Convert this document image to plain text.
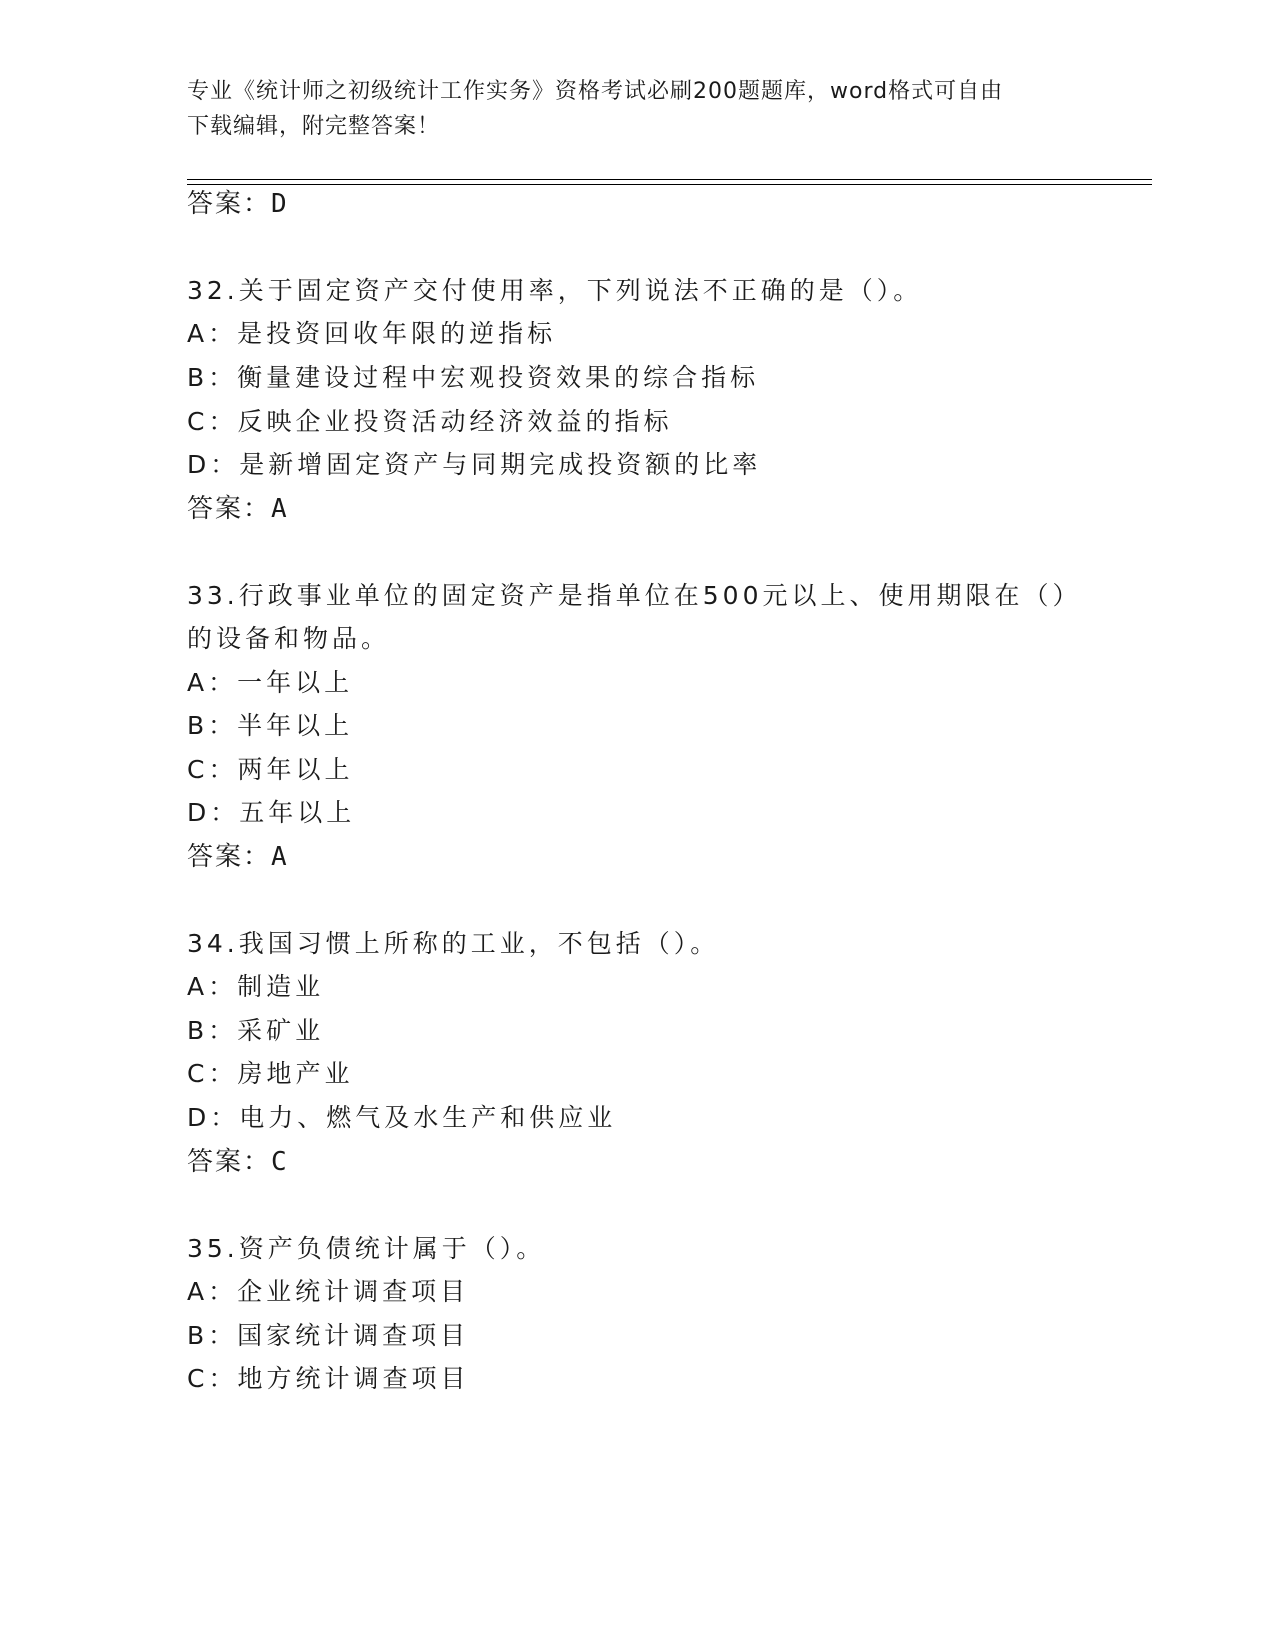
专业《统计师之初级统计工作实务》资格考试必刷200题题库，word格式可自由
下载编辑，附完整答案！
答案：D
32.关于固定资产交付使用率，下列说法不正确的是（）。
A：是投资回收年限的逆指标
B：衡量建设过程中宏观投资效果的综合指标
C：反映企业投资活动经济效益的指标
D：是新增固定资产与同期完成投资额的比率
答案：A
33.行政事业单位的固定资产是指单位在500元以上、使用期限在（）
的设备和物品。
A：一年以上
B：半年以上
C：两年以上
D：五年以上
答案：A
34.我国习惯上所称的工业，不包括（）。
A：制造业
B：采矿业
C：房地产业
D：电力、燃气及水生产和供应业
答案：C
35.资产负债统计属于（）。
A：企业统计调查项目
B：国家统计调查项目
C：地方统计调查项目
